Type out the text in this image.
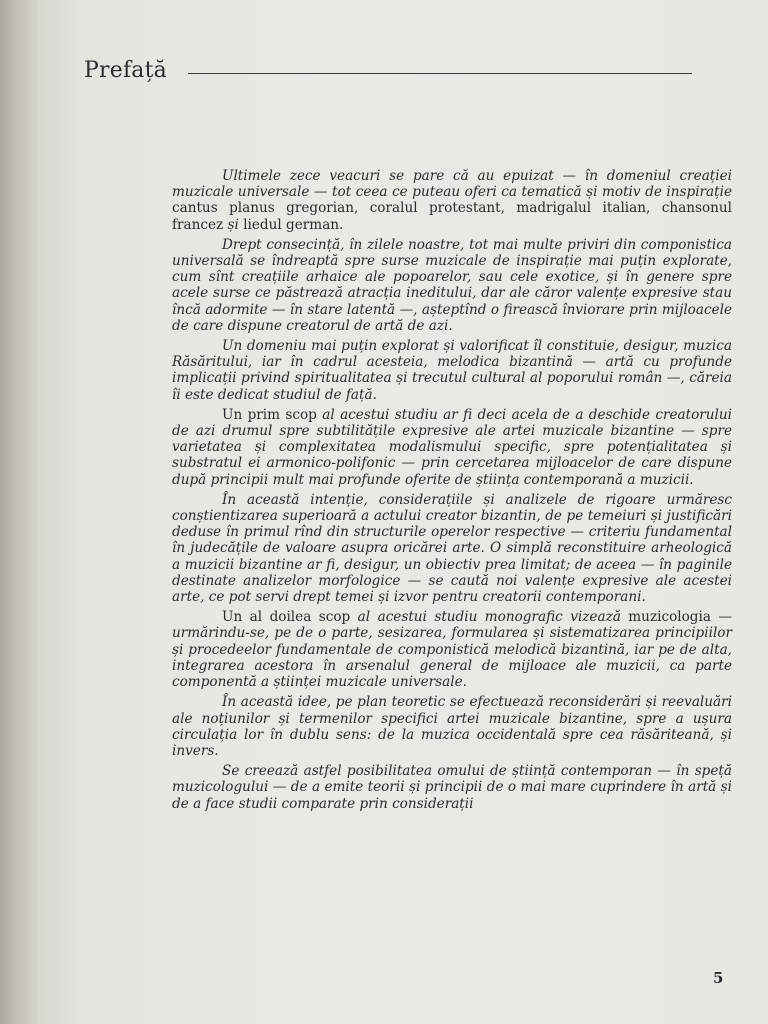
Prefață

Ultimele zece veacuri se pare că au epuizat — în domeniul creației muzicale universale — tot ceea ce puteau oferi ca tematică și motiv de inspirație cantus planus gregorian, coralul protestant, madrigalul italian, chansonul francez și liedul german.

Drept consecință, în zilele noastre, tot mai multe priviri din componistica universală se îndreaptă spre surse muzicale de inspirație mai puțin explorate, cum sînt creațiile arhaice ale popoarelor, sau cele exotice, și în genere spre acele surse ce păstrează atracția ineditului, dar ale căror valențe expresive stau încă adormite — în stare latentă —, așteptînd o firească înviorare prin mijloacele de care dispune creatorul de artă de azi.

Un domeniu mai puțin explorat și valorificat îl constituie, desigur, muzica Răsăritului, iar în cadrul acesteia, melodica bizantină — artă cu profunde implicații privind spiritualitatea și trecutul cultural al poporului român —, căreia îi este dedicat studiul de față.

Un prim scop al acestui studiu ar fi deci acela de a deschide creatorului de azi drumul spre subtilitățile expresive ale artei muzicale bizantine — spre varietatea și complexitatea modalismului specific, spre potențialitatea și substratul ei armonico-polifonic — prin cercetarea mijloacelor de care dispune după principii mult mai profunde oferite de știința contemporană a muzicii.

În această intenție, considerațiile și analizele de rigoare urmăresc conștientizarea superioară a actului creator bizantin, de pe temeiuri și justificări deduse în primul rînd din structurile operelor respective — criteriu fundamental în judecățile de valoare asupra oricărei arte. O simplă reconstituire arheologică a muzicii bizantine ar fi, desigur, un obiectiv prea limitat; de aceea — în paginile destinate analizelor morfologice — se caută noi valențe expresive ale acestei arte, ce pot servi drept temei și izvor pentru creatorii contemporani.

Un al doilea scop al acestui studiu monografic vizează muzicologia — urmărindu-se, pe de o parte, sesizarea, formularea și sistematizarea principiilor și procedeelor fundamentale de componistică melodică bizantină, iar pe de alta, integrarea acestora în arsenalul general de mijloace ale muzicii, ca parte componentă a științei muzicale universale.

În această idee, pe plan teoretic se efectuează reconsiderări și reevaluări ale noțiunilor și termenilor specifici artei muzicale bizantine, spre a ușura circulația lor în dublu sens: de la muzica occidentală spre cea răsăriteană, și invers.

Se creează astfel posibilitatea omului de știință contemporan — în speță muzicologului — de a emite teorii și principii de o mai mare cuprindere în artă și de a face studii comparate prin considerații

5
